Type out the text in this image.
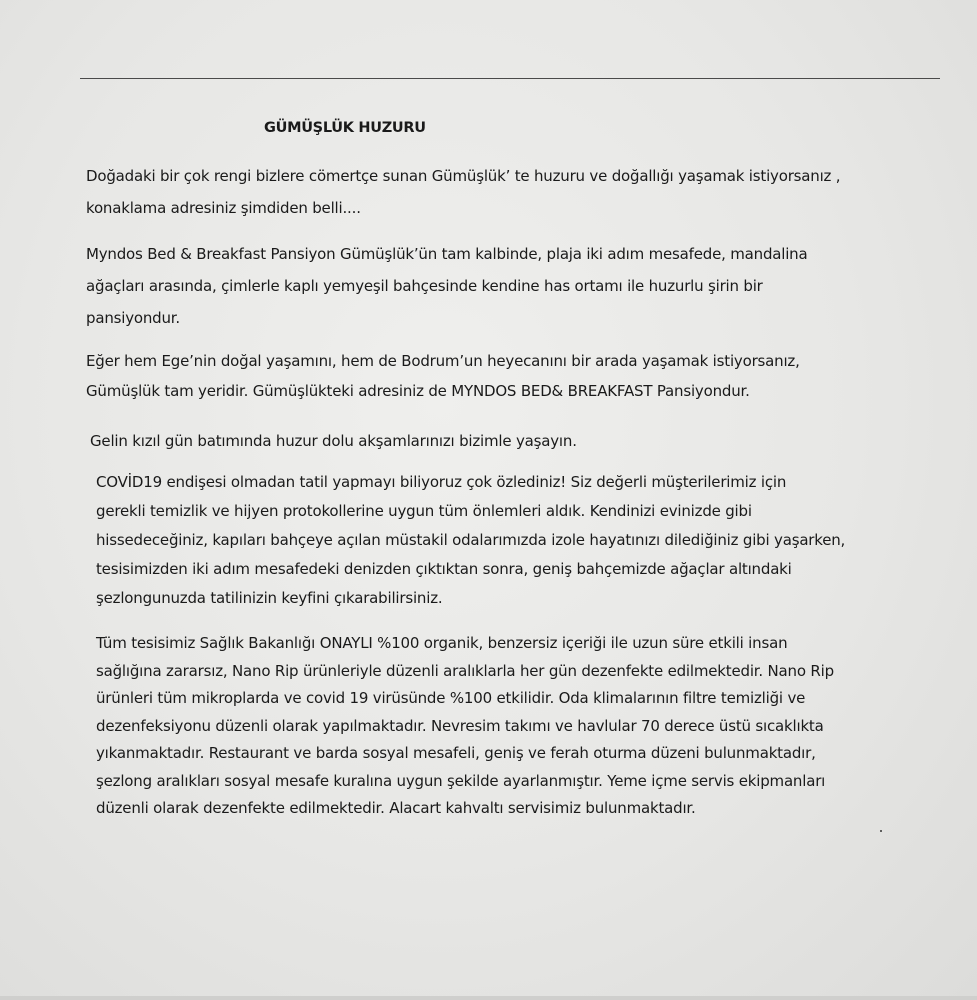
GÜMÜŞLÜK HUZURU
Doğadaki bir çok rengi bizlere cömertçe sunan Gümüşlük’ te huzuru ve doğallığı yaşamak istiyorsanız ,
konaklama adresiniz şimdiden belli....
Myndos Bed & Breakfast Pansiyon Gümüşlük’ün tam kalbinde, plaja iki adım mesafede, mandalina
ağaçları arasında, çimlerle kaplı yemyeşil bahçesinde kendine has ortamı ile huzurlu şirin bir
pansiyondur.
Eğer hem Ege’nin doğal yaşamını, hem de Bodrum’un heyecanını bir arada yaşamak istiyorsanız,
Gümüşlük tam yeridir. Gümüşlükteki adresiniz de MYNDOS BED& BREAKFAST Pansiyondur.
Gelin kızıl gün batımında huzur dolu akşamlarınızı bizimle yaşayın.
COVİD19 endişesi olmadan tatil yapmayı biliyoruz çok özlediniz! Siz değerli müşterilerimiz için
gerekli temizlik ve hijyen protokollerine uygun tüm önlemleri aldık. Kendinizi evinizde gibi
hissedeceğiniz, kapıları bahçeye açılan müstakil odalarımızda izole hayatınızı dilediğiniz gibi yaşarken,
tesisimizden iki adım mesafedeki denizden çıktıktan sonra, geniş bahçemizde ağaçlar altındaki
şezlongunuzda tatilinizin keyfini çıkarabilirsiniz.
Tüm tesisimiz Sağlık Bakanlığı ONAYLI %100 organik, benzersiz içeriği ile uzun süre etkili insan
sağlığına zararsız, Nano Rip ürünleriyle düzenli aralıklarla her gün dezenfekte edilmektedir. Nano Rip
ürünleri tüm mikroplarda ve covid 19 virüsünde %100 etkilidir. Oda klimalarının filtre temizliği ve
dezenfeksiyonu düzenli olarak yapılmaktadır. Nevresim takımı ve havlular 70 derece üstü sıcaklıkta
yıkanmaktadır. Restaurant ve barda sosyal mesafeli, geniş ve ferah oturma düzeni bulunmaktadır,
şezlong aralıkları sosyal mesafe kuralına uygun şekilde ayarlanmıştır. Yeme içme servis ekipmanları
düzenli olarak dezenfekte edilmektedir. Alacart kahvaltı servisimiz bulunmaktadır.
